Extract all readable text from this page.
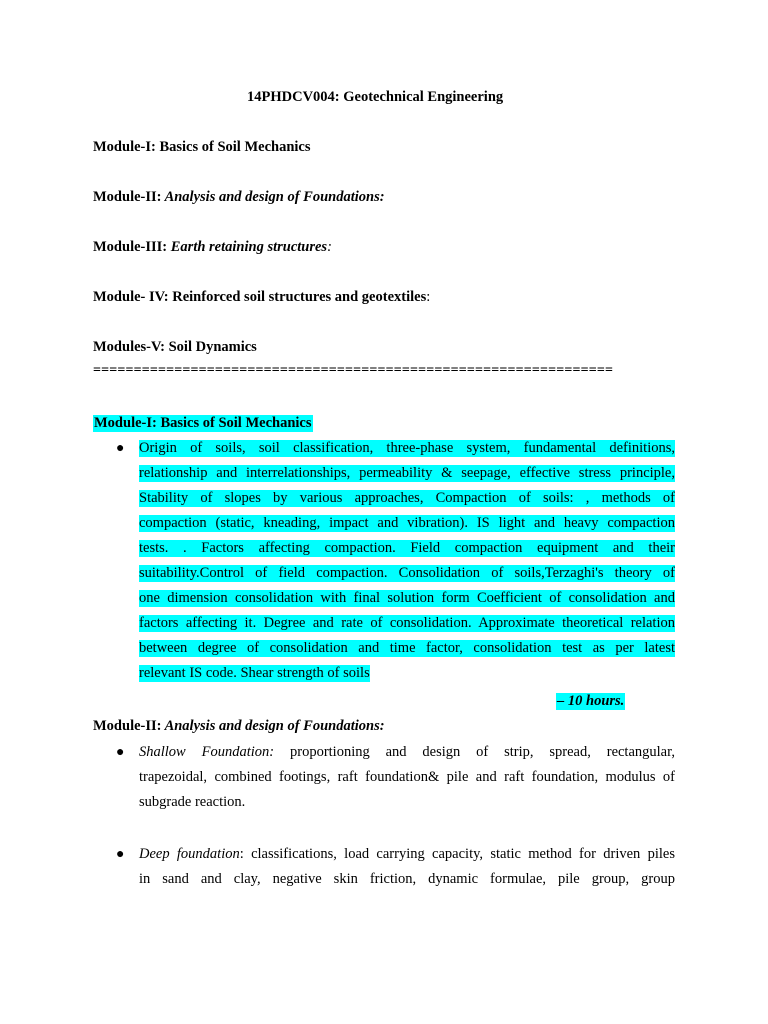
14PHDCV004: Geotechnical Engineering
Module-I: Basics of Soil Mechanics
Module-II: Analysis and design of Foundations:
Module-III: Earth retaining structures:
Module- IV: Reinforced soil structures and geotextiles:
Modules-V: Soil Dynamics
================================================================
Module-I: Basics of Soil Mechanics
● Origin of soils, soil classification, three-phase system, fundamental definitions,
relationship and interrelationships, permeability & seepage, effective stress principle,
Stability of slopes by various approaches, Compaction of soils: , methods of
compaction (static, kneading, impact and vibration). IS light and heavy compaction
tests. . Factors affecting compaction. Field compaction equipment and their
suitability.Control of field compaction. Consolidation of soils,Terzaghi's theory of
one dimension consolidation with final solution form Coefficient of consolidation and
factors affecting it. Degree and rate of consolidation. Approximate theoretical relation
between degree of consolidation and time factor, consolidation test as per latest
relevant IS code. Shear strength of soils
– 10 hours.
Module-II: Analysis and design of Foundations:
● Shallow Foundation: proportioning and design of strip, spread, rectangular,
trapezoidal, combined footings, raft foundation& pile and raft foundation, modulus of
subgrade reaction.
● Deep foundation: classifications, load carrying capacity, static method for driven piles
in sand and clay, negative skin friction, dynamic formulae, pile group, group
